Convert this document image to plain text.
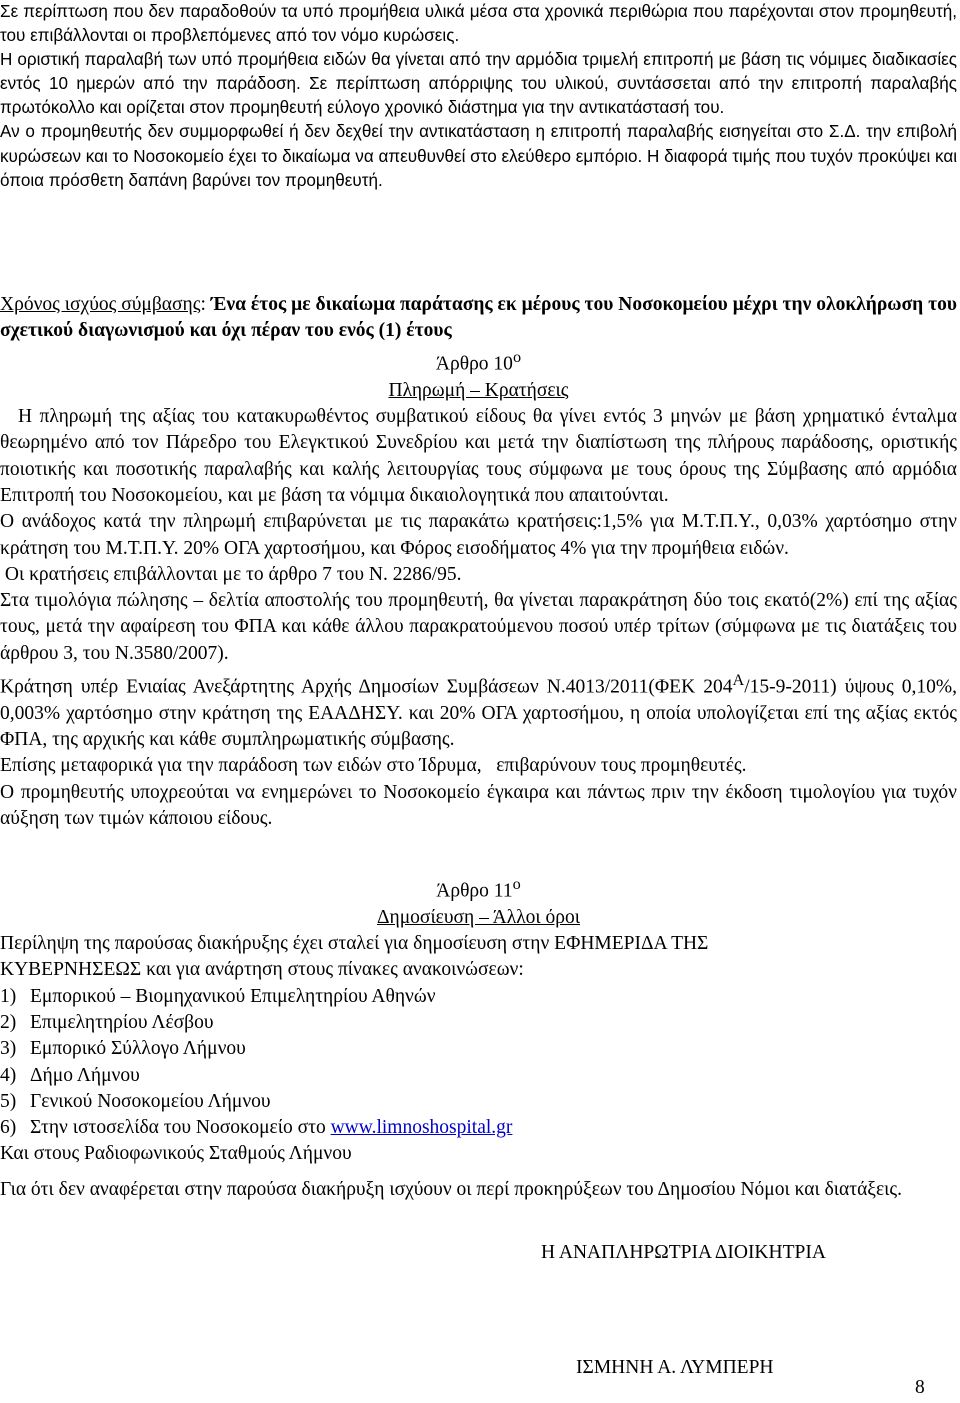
Σε περίπτωση που δεν παραδοθούν τα υπό προμήθεια υλικά μέσα στα χρονικά περιθώρια που παρέχονται στον προμηθευτή, του επιβάλλονται οι προβλεπόμενες από τον νόμο κυρώσεις.

Η οριστική παραλαβή των υπό προμήθεια ειδών θα γίνεται από την αρμόδια τριμελή επιτροπή με βάση τις νόμιμες διαδικασίες εντός 10 ημερών από την παράδοση. Σε περίπτωση απόρριψης του υλικού, συντάσσεται από την επιτροπή παραλαβής πρωτόκολλο και ορίζεται στον προμηθευτή εύλογο χρονικό διάστημα για την αντικατάστασή του.

Αν ο προμηθευτής δεν συμμορφωθεί ή δεν δεχθεί την αντικατάσταση η επιτροπή παραλαβής εισηγείται στο Σ.Δ. την επιβολή κυρώσεων και το Νοσοκομείο έχει το δικαίωμα να απευθυνθεί στο ελεύθερο εμπόριο. Η διαφορά τιμής που τυχόν προκύψει και όποια πρόσθετη δαπάνη βαρύνει τον προμηθευτή.

Χρόνος ισχύος σύμβασης: Ένα έτος με δικαίωμα παράτασης εκ μέρους του Νοσοκομείου μέχρι την ολοκλήρωση του σχετικού διαγωνισμού και όχι πέραν του ενός (1) έτους

Άρθρο $10^o$

Πληρωμή – Κρατήσεις

Η πληρωμή της αξίας του κατακυρωθέντος συμβατικού είδους θα γίνει εντός 3 μηνών με βάση χρηματικό ένταλμα θεωρημένο από τον Πάρεδρο του Ελεγκτικού Συνεδρίου και μετά την διαπίστωση της πλήρους παράδοσης, οριστικής ποιοτικής και ποσοτικής παραλαβής και καλής λειτουργίας τους σύμφωνα με τους όρους της Σύμβασης από αρμόδια Επιτροπή του Νοσοκομείου, και με βάση τα νόμιμα δικαιολογητικά που απαιτούνται.

Ο ανάδοχος κατά την πληρωμή επιβαρύνεται με τις παρακάτω κρατήσεις:1,5% για Μ.Τ.Π.Υ., 0,03% χαρτόσημο στην κράτηση του Μ.Τ.Π.Υ. 20% ΟΓΑ χαρτοσήμου, και Φόρος εισοδήματος 4% για την προμήθεια ειδών.

Οι κρατήσεις επιβάλλονται με το άρθρο 7 του Ν. 2286/95.

Στα τιμολόγια πώλησης – δελτία αποστολής του προμηθευτή, θα γίνεται παρακράτηση δύο τοις εκατό(2%) επί της αξίας τους, μετά την αφαίρεση του ΦΠΑ και κάθε άλλου παρακρατούμενου ποσού υπέρ τρίτων (σύμφωνα με τις διατάξεις του άρθρου 3, του Ν.3580/2007).

Κράτηση υπέρ Ενιαίας Ανεξάρτητης Αρχής Δημοσίων Συμβάσεων Ν.4013/2011(ΦΕΚ $204^A/15-9-2011$) ύψους 0,10%, 0,003% χαρτόσημο στην κράτηση της ΕΑΑΔΗΣΥ. και 20% ΟΓΑ χαρτοσήμου, η οποία υπολογίζεται επί της αξίας εκτός ΦΠΑ, της αρχικής και κάθε συμπληρωματικής σύμβασης.

Επίσης μεταφορικά για την παράδοση των ειδών στο Ίδρυμα,   επιβαρύνουν τους προμηθευτές.

Ο προμηθευτής υποχρεούται να ενημερώνει το Νοσοκομείο έγκαιρα και πάντως πριν την έκδοση τιμολογίου για τυχόν αύξηση των τιμών κάποιου είδους.

Άρθρο $11^o$

Δημοσίευση – Άλλοι όροι

Περίληψη της παρούσας διακήρυξης έχει σταλεί για δημοσίευση στην ΕΦΗΜΕΡΙΔΑ ΤΗΣ

ΚΥΒΕΡΝΗΣΕΩΣ και για ανάρτηση στους πίνακες ανακοινώσεων:

1) Εμπορικού – Βιομηχανικού Επιμελητηρίου Αθηνών
2) Επιμελητηρίου Λέσβου
3) Εμπορικό Σύλλογο Λήμνου
4) Δήμο Λήμνου
5) Γενικού Νοσοκομείου Λήμνου
6) Στην ιστοσελίδα του Νοσοκομείο στο www.limnoshospital.gr

Και στους Ραδιοφωνικούς Σταθμούς Λήμνου

Για ότι δεν αναφέρεται στην παρούσα διακήρυξη ισχύουν οι περί προκηρύξεων του Δημοσίου Νόμοι και διατάξεις.

Η ΑΝΑΠΛΗΡΩΤΡΙΑ ΔΙΟΙΚΗΤΡΙΑ

ΙΣΜΗΝΗ Α. ΛΥΜΠΕΡΗ

8
